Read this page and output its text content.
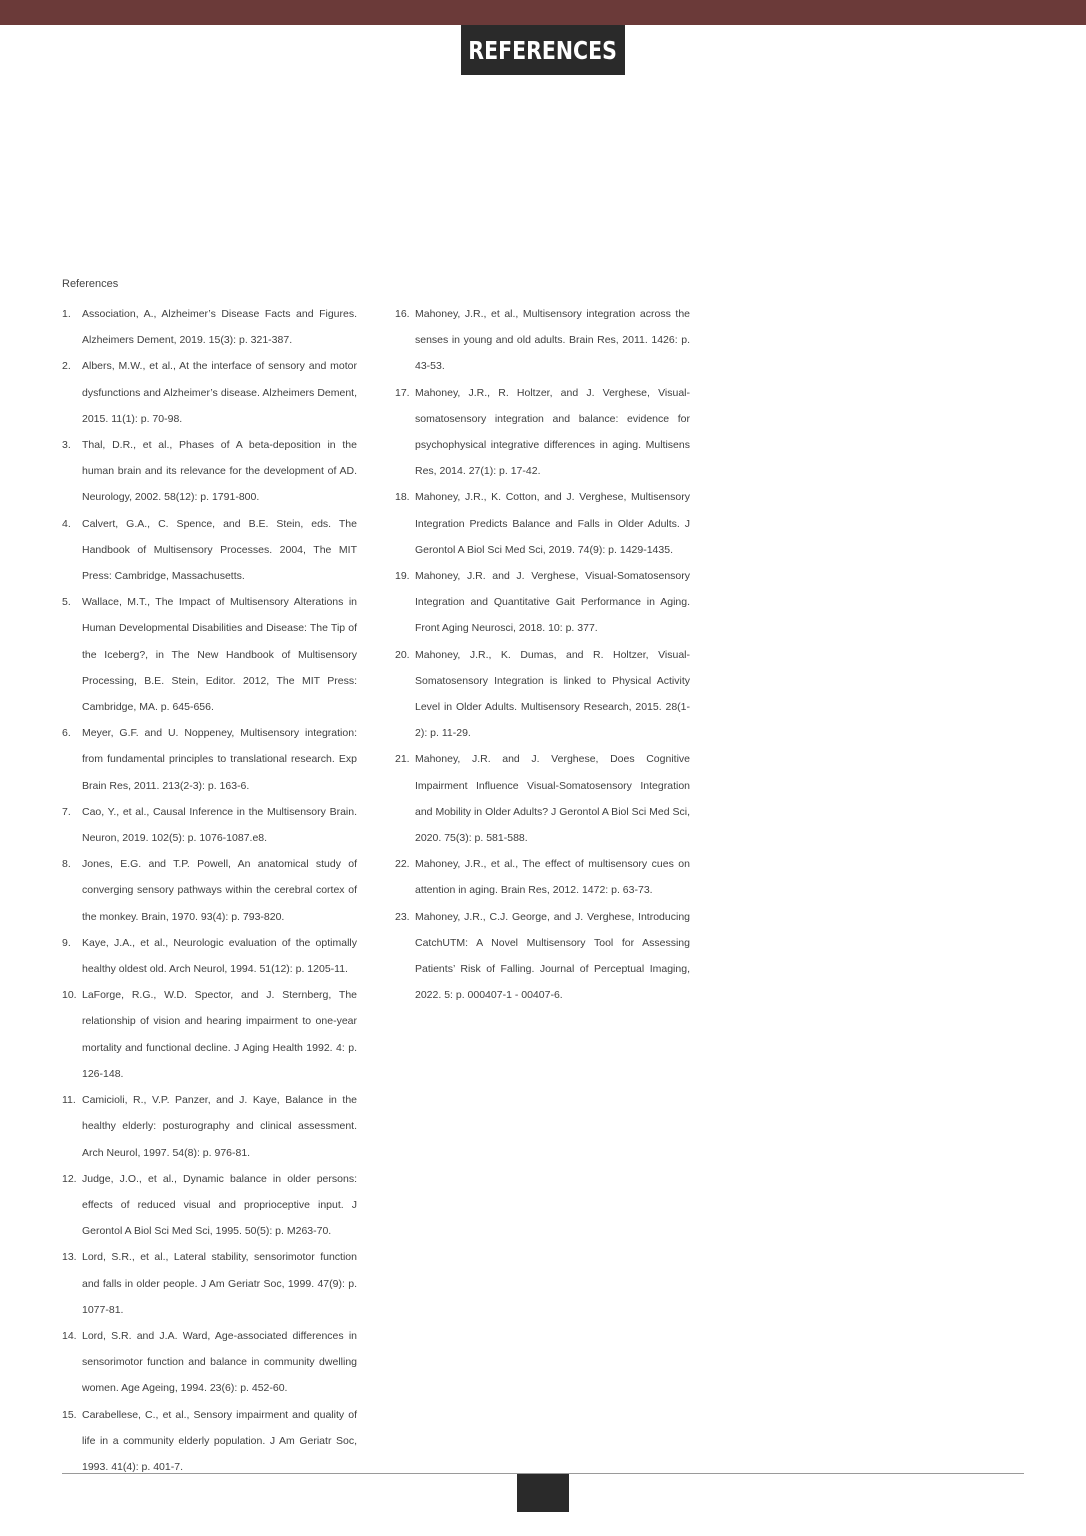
REFERENCES
References
1.	Association, A., Alzheimer’s Disease Facts and Figures. Alzheimers Dement, 2019. 15(3): p. 321-387.
2.	Albers, M.W., et al., At the interface of sensory and motor dysfunctions and Alzheimer’s disease. Alzheimers Dement, 2015. 11(1): p. 70-98.
3.	Thal, D.R., et al., Phases of A beta-deposition in the human brain and its relevance for the development of AD. Neurology, 2002. 58(12): p. 1791-800.
4.	Calvert, G.A., C. Spence, and B.E. Stein, eds. The Handbook of Multisensory Processes. 2004, The MIT Press: Cambridge, Massachusetts.
5.	Wallace, M.T., The Impact of Multisensory Alterations in Human Developmental Disabilities and Disease: The Tip of the Iceberg?, in The New Handbook of Multisensory Processing, B.E. Stein, Editor. 2012, The MIT Press: Cambridge, MA. p. 645-656.
6.	Meyer, G.F. and U. Noppeney, Multisensory integration: from fundamental principles to translational research. Exp Brain Res, 2011. 213(2-3): p. 163-6.
7.	Cao, Y., et al., Causal Inference in the Multisensory Brain. Neuron, 2019. 102(5): p. 1076-1087.e8.
8.	Jones, E.G. and T.P. Powell, An anatomical study of converging sensory pathways within the cerebral cortex of the monkey. Brain, 1970. 93(4): p. 793-820.
9.	Kaye, J.A., et al., Neurologic evaluation of the optimally healthy oldest old. Arch Neurol, 1994. 51(12): p. 1205-11.
10. LaForge, R.G., W.D. Spector, and J. Sternberg, The relationship of vision and hearing impairment to one-year mortality and functional decline. J Aging Health 1992. 4: p. 126-148.
11. Camicioli, R., V.P. Panzer, and J. Kaye, Balance in the healthy elderly: posturography and clinical assessment. Arch Neurol, 1997. 54(8): p. 976-81.
12. Judge, J.O., et al., Dynamic balance in older persons: effects of reduced visual and proprioceptive input. J Gerontol A Biol Sci Med Sci, 1995. 50(5): p. M263-70.
13. Lord, S.R., et al., Lateral stability, sensorimotor function and falls in older people. J Am Geriatr Soc, 1999. 47(9): p. 1077-81.
14. Lord, S.R. and J.A. Ward, Age-associated differences in sensorimotor function and balance in community dwelling women. Age Ageing, 1994. 23(6): p. 452-60.
15. Carabellese, C., et al., Sensory impairment and quality of life in a community elderly population. J Am Geriatr Soc, 1993. 41(4): p. 401-7.
16. Mahoney, J.R., et al., Multisensory integration across the senses in young and old adults. Brain Res, 2011. 1426: p. 43-53.
17. Mahoney, J.R., R. Holtzer, and J. Verghese, Visual-somatosensory integration and balance: evidence for psychophysical integrative differences in aging. Multisens Res, 2014. 27(1): p. 17-42.
18. Mahoney, J.R., K. Cotton, and J. Verghese, Multisensory Integration Predicts Balance and Falls in Older Adults. J Gerontol A Biol Sci Med Sci, 2019. 74(9): p. 1429-1435.
19. Mahoney, J.R. and J. Verghese, Visual-Somatosensory Integration and Quantitative Gait Performance in Aging. Front Aging Neurosci, 2018. 10: p. 377.
20. Mahoney, J.R., K. Dumas, and R. Holtzer, Visual-Somatosensory Integration is linked to Physical Activity Level in Older Adults. Multisensory Research, 2015. 28(1-2): p. 11-29.
21. Mahoney, J.R. and J. Verghese, Does Cognitive Impairment Influence Visual-Somatosensory Integration and Mobility in Older Adults? J Gerontol A Biol Sci Med Sci, 2020. 75(3): p. 581-588.
22. Mahoney, J.R., et al., The effect of multisensory cues on attention in aging. Brain Res, 2012. 1472: p. 63-73.
23. Mahoney, J.R., C.J. George, and J. Verghese, Introducing CatchUTM: A Novel Multisensory Tool for Assessing Patients’ Risk of Falling. Journal of Perceptual Imaging, 2022. 5: p. 000407-1 - 00407-6.
